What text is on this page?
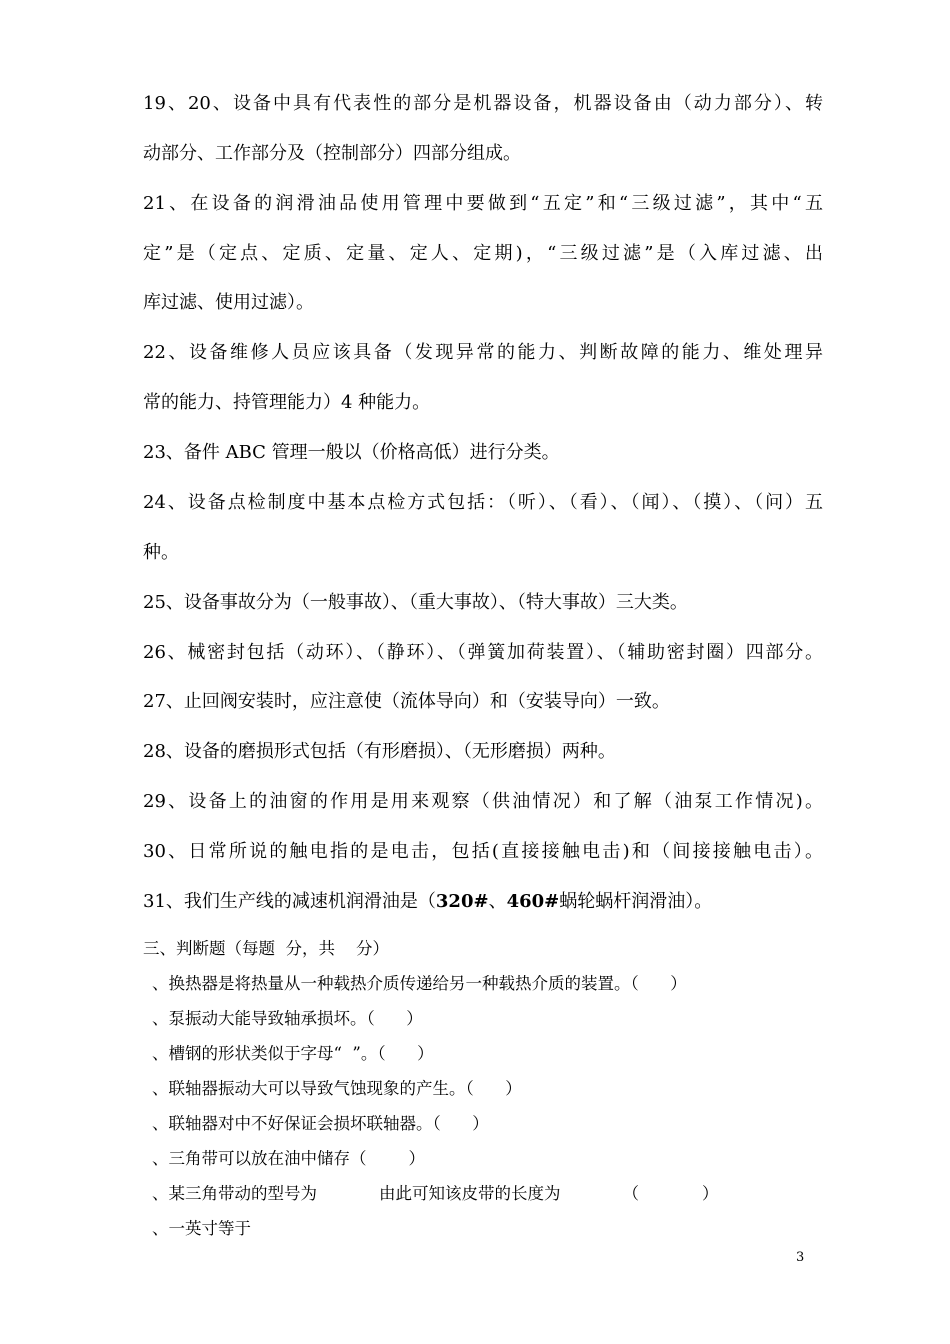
19、20、设备中具有代表性的部分是机器设备，机器设备由（动力部分）、转
动部分、工作部分及（控制部分）四部分组成。
21、在设备的润滑油品使用管理中要做到“五定”和“三级过滤”，其中“五
定”是（定点、定质、定量、定人、定期)，“三级过滤”是（入库过滤、出
库过滤、使用过滤）。
22、设备维修人员应该具备（发现异常的能力、判断故障的能力、维处理异
常的能力、持管理能力）4 种能力。
23、备件 ABC 管理一般以（价格高低）进行分类。
24、设备点检制度中基本点检方式包括：（听）、（看）、（闻）、（摸）、（问）五
种。
25、设备事故分为（一般事故）、（重大事故）、（特大事故）三大类。
26、械密封包括（动环）、（静环）、（弹簧加荷装置）、（辅助密封圈）四部分。
27、止回阀安装时，应注意使（流体导向）和（安装导向）一致。
28、设备的磨损形式包括（有形磨损）、（无形磨损）两种。
29、设备上的油窗的作用是用来观察（供油情况）和了解（油泵工作情况)。
30、日常所说的触电指的是电击，包括(直接接触电击)和（间接接触电击）。
31、我们生产线的减速机润滑油是（320#、460#蜗轮蜗杆润滑油）。
三、判断题（每题  分，共    分）
、换热器是将热量从一种载热介质传递给另一种载热介质的装置。（      ）
、泵振动大能导致轴承损坏。（      ）
、槽钢的形状类似于字母“  ”。（      ）
、联轴器振动大可以导致气蚀现象的产生。（      ）
、联轴器对中不好保证会损坏联轴器。（      ）
、三角带可以放在油中储存（        ）
、某三角带动的型号为	由此可知该皮带的长度为	（            ）
、一英寸等于
3
